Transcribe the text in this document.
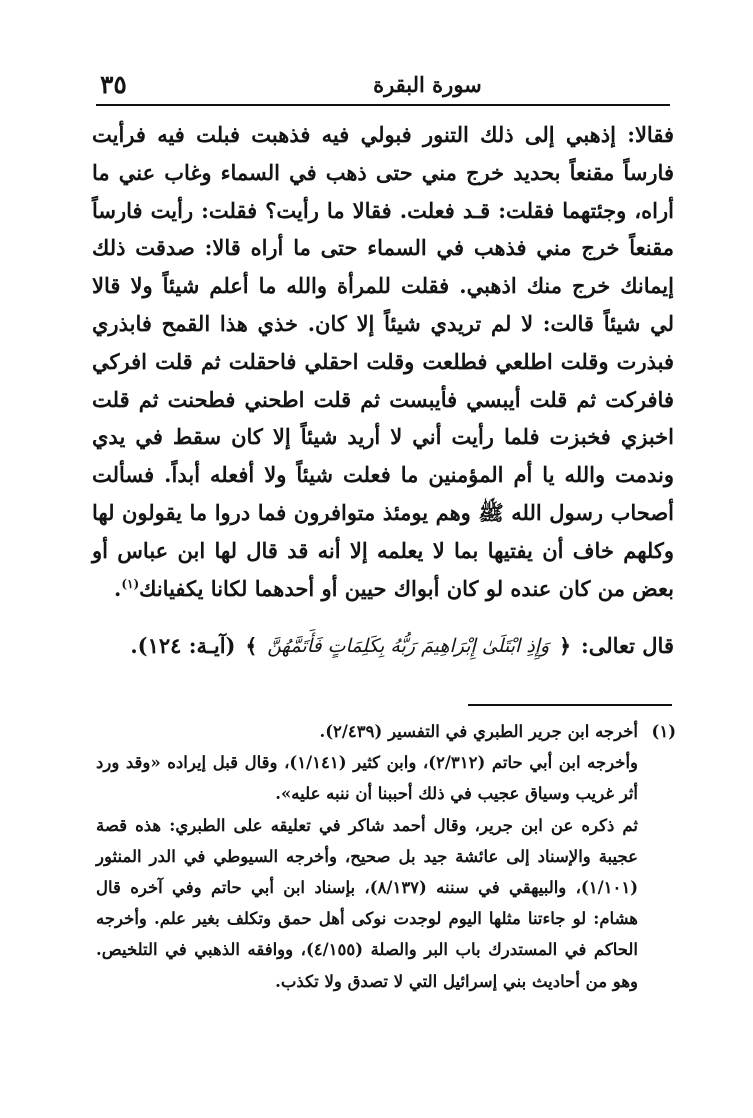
سورة البقرة
٣٥

فقالا: إذهبي إلى ذلك التنور فبولي فيه فذهبت فبلت فيه فرأيت فارساً مقنعاً بحديد خرج مني حتى ذهب في السماء وغاب عني ما أراه، وجئتهما فقلت: قـد فعلت. فقالا ما رأيت؟ فقلت: رأيت فارساً مقنعاً خرج مني فذهب في السماء حتى ما أراه قالا: صدقت ذلك إيمانك خرج منك اذهبي. فقلت للمرأة والله ما أعلم شيئاً ولا قالا لي شيئاً قالت: لا لم تريدي شيئاً إلا كان. خذي هذا القمح فابذري فبذرت وقلت اطلعي فطلعت وقلت احقلي فاحقلت ثم قلت افركي فافركت ثم قلت أيبسي فأيبست ثم قلت اطحني فطحنت ثم قلت اخبزي فخبزت فلما رأيت أني لا أريد شيئاً إلا كان سقط في يدي وندمت والله يا أم المؤمنين ما فعلت شيئاً ولا أفعله أبداً. فسألت أصحاب رسول الله ﷺ وهم يومئذ متوافرون فما دروا ما يقولون لها وكلهم خاف أن يفتيها بما لا يعلمه إلا أنه قد قال لها ابن عباس أو بعض من كان عنده لو كان أبواك حيين أو أحدهما لكانا يكفيانك$^{(١)}$.

قال تعالى:
﴿
وَإِذِ ابْتَلَىٰ إِبْرَاهِيمَ رَبُّهُ بِكَلِمَاتٍ فَأَتَمَّهُنَّ
﴾
(آيـة: ١٢٤).
(١)

أخرجه ابن جرير الطبري في التفسير (٢/٤٣٩).

وأخرجه ابن أبي حاتم (٢/٣١٢)، وابن كثير (١/١٤١)، وقال قبل إيراده «وقد ورد أثر غريب وسياق عجيب في ذلك أحببنا أن ننبه عليه».

ثم ذكره عن ابن جرير، وقال أحمد شاكر في تعليقه على الطبري: هذه قصة عجيبة والإسناد إلى عائشة جيد بل صحيح، وأخرجه السيوطي في الدر المنثور (١/١٠١)، والبيهقي في سننه (٨/١٣٧)، بإسناد ابن أبي حاتم وفي آخره قال هشام: لو جاءتنا مثلها اليوم لوجدت نوكى أهل حمق وتكلف بغير علم. وأخرجه الحاكم في المستدرك باب البر والصلة (٤/١٥٥)، ووافقه الذهبي في التلخيص. وهو من أحاديث بني إسرائيل التي لا تصدق ولا تكذب.
